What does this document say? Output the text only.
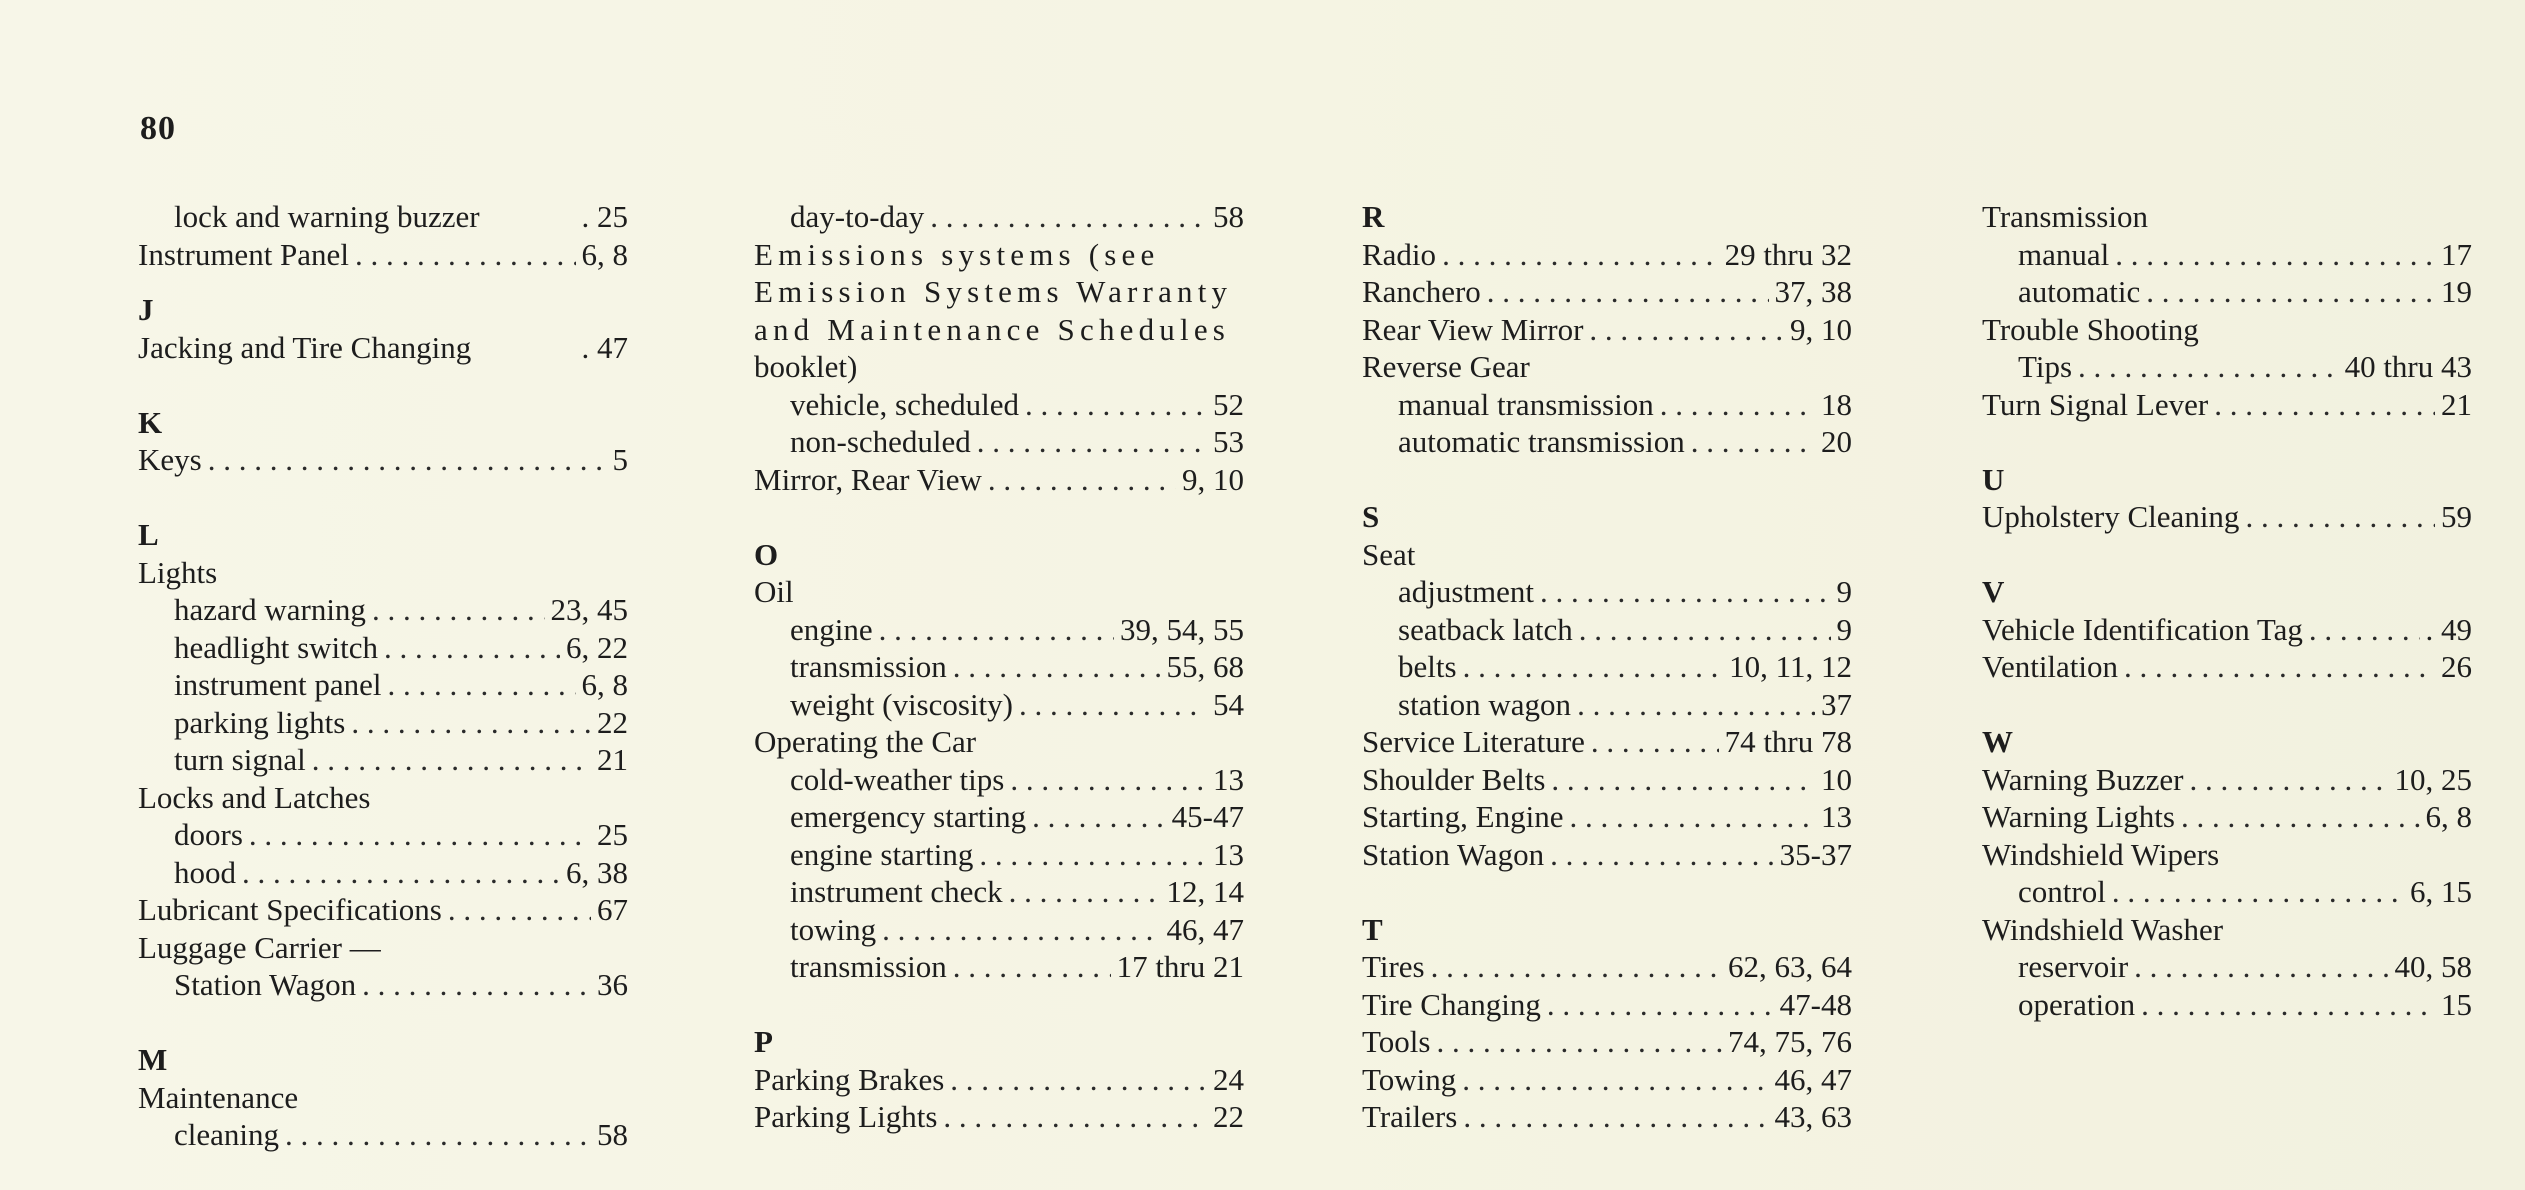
80
lock and warning buzzer	. 25
Instrument Panel . . .	6, 8
J
Jacking and Tire Changing	. 47
K
Keys . . .	5
L
Lights
hazard warning . . .	23, 45
headlight switch . . .	6, 22
instrument panel . . .	6, 8
parking lights . . .	22
turn signal . . .	21
Locks and Latches
doors . . .	25
hood . . .	6, 38
Lubricant Specifications . . .	67
Luggage Carrier —
Station Wagon . . .	36
M
Maintenance
cleaning . . .	58
day-to-day . . .	58
Emissions systems (see
Emission Systems Warranty
and Maintenance Schedules
booklet)
vehicle, scheduled . . .	52
non-scheduled . . .	53
Mirror, Rear View . . .	9, 10
O
Oil
engine . . .	39, 54, 55
transmission . . .	55, 68
weight (viscosity) . . .	54
Operating the Car
cold-weather tips . . .	13
emergency starting . . .	45-47
engine starting . . .	13
instrument check . . .	12, 14
towing . . .	46, 47
transmission . . .	17 thru 21
P
Parking Brakes . . .	24
Parking Lights . . .	22
R
Radio . . .	29 thru 32
Ranchero . . .	37, 38
Rear View Mirror . . .	9, 10
Reverse Gear
manual transmission . . .	18
automatic transmission . . .	20
S
Seat
adjustment . . .	9
seatback latch . . .	9
belts . . .	10, 11, 12
station wagon . . .	37
Service Literature . . .	74 thru 78
Shoulder Belts . . .	10
Starting, Engine . . .	13
Station Wagon . . .	35-37
T
Tires . . .	62, 63, 64
Tire Changing . . .	47-48
Tools . . .	74, 75, 76
Towing . . .	46, 47
Trailers . . .	43, 63
Transmission
manual . . .	17
automatic . . .	19
Trouble Shooting
Tips . . .	40 thru 43
Turn Signal Lever . . .	21
U
Upholstery Cleaning . . .	59
V
Vehicle Identification Tag . . .	. 49
Ventilation . . .	26
W
Warning Buzzer . . .	10, 25
Warning Lights . . .	6, 8
Windshield Wipers
control . . .	6, 15
Windshield Washer
reservoir . . .	40, 58
operation . . .	15
